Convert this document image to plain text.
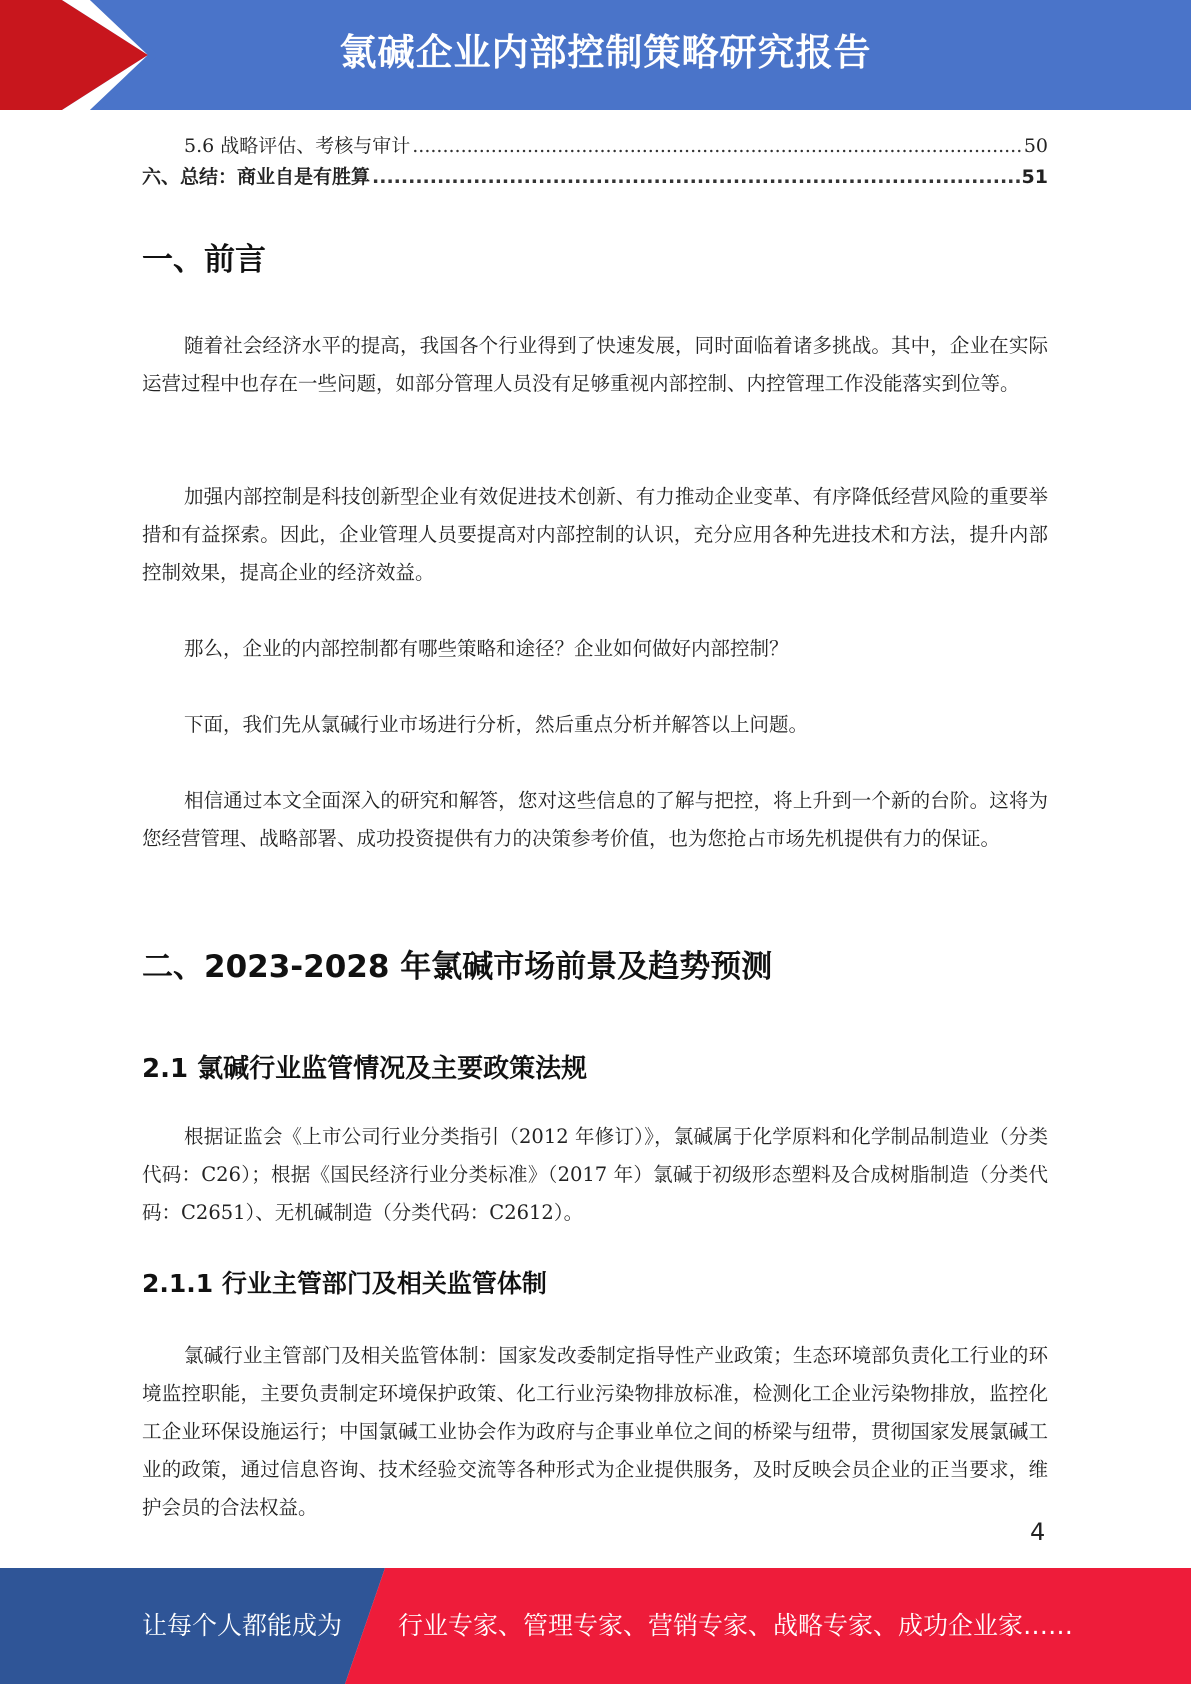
氯碱企业内部控制策略研究报告
5.6 战略评估、考核与审计 .....	50
六、总结：商业自是有胜算 .....	51
一、前言
随着社会经济水平的提高，我国各个行业得到了快速发展，同时面临着诸多挑战。其中，企业在实际运营过程中也存在一些问题，如部分管理人员没有足够重视内部控制、内控管理工作没能落实到位等。
加强内部控制是科技创新型企业有效促进技术创新、有力推动企业变革、有序降低经营风险的重要举措和有益探索。因此，企业管理人员要提高对内部控制的认识，充分应用各种先进技术和方法，提升内部控制效果，提高企业的经济效益。
那么，企业的内部控制都有哪些策略和途径？企业如何做好内部控制？
下面，我们先从氯碱行业市场进行分析，然后重点分析并解答以上问题。
相信通过本文全面深入的研究和解答，您对这些信息的了解与把控，将上升到一个新的台阶。这将为您经营管理、战略部署、成功投资提供有力的决策参考价值，也为您抢占市场先机提供有力的保证。
二、2023-2028 年氯碱市场前景及趋势预测
2.1 氯碱行业监管情况及主要政策法规
根据证监会《上市公司行业分类指引（2012 年修订）》，氯碱属于化学原料和化学制品制造业（分类代码：C26）；根据《国民经济行业分类标准》（2017 年）氯碱于初级形态塑料及合成树脂制造（分类代码：C2651）、无机碱制造（分类代码：C2612）。
2.1.1 行业主管部门及相关监管体制
氯碱行业主管部门及相关监管体制：国家发改委制定指导性产业政策；生态环境部负责化工行业的环境监控职能，主要负责制定环境保护政策、化工行业污染物排放标准，检测化工企业污染物排放，监控化工企业环保设施运行；中国氯碱工业协会作为政府与企事业单位之间的桥梁与纽带，贯彻国家发展氯碱工业的政策，通过信息咨询、技术经验交流等各种形式为企业提供服务，及时反映会员企业的正当要求，维护会员的合法权益。
4
让每个人都能成为 行业专家、管理专家、营销专家、战略专家、成功企业家……
